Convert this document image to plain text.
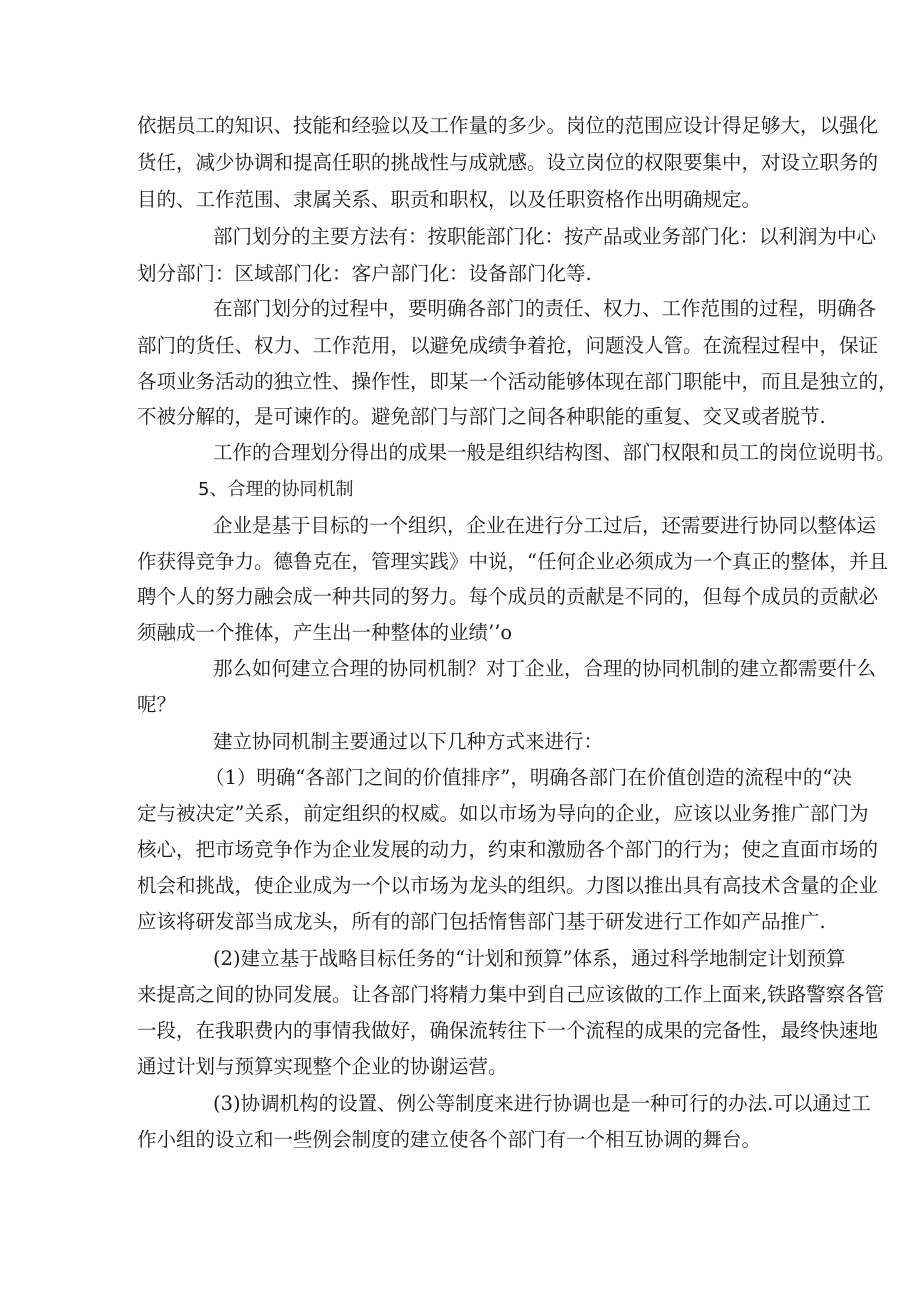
依据员工的知识、技能和经验以及工作量的多少。岗位的范围应设计得足够大，以强化
货任，减少协调和提高任职的挑战性与成就感。设立岗位的权限要集中，对设立职务的
目的、工作范围、隶属关系、职贡和职权，以及任职资格作出明确规定。
部门划分的主要方法有：按职能部门化：按产品或业务部门化：以利润为中心
划分部门：区域部门化：客户部门化：设备部门化等.
在部门划分的过程中，要明确各部门的责任、权力、工作范围的过程，明确各
部门的货任、权力、工作范用，以避免成绩争着抢，问题没人管。在流程过程中，保证
各项业务活动的独立性、操作性，即某一个活动能够体现在部门职能中，而且是独立的，
不被分解的，是可谏作的。避免部门与部门之间各种职能的重复、交叉或者脱节.
工作的合理划分得出的成果一般是组织结构图、部门权限和员工的岗位说明书。
5、合理的协同机制
企业是基于目标的一个组织，企业在进行分工过后，还需要进行协同以整体运
作获得竞争力。德鲁克在，管理实践》中说，“任何企业必须成为一个真正的整体，并且
聘个人的努力融会成一种共同的努力。每个成员的贡献是不同的，但每个成员的贡献必
须融成一个推体，产生出一种整体的业绩’’o
那么如何建立合理的协同机制？对丁企业，合理的协同机制的建立都需要什么
呢？
建立协同机制主要通过以下几种方式来进行：
（1）明确“各部门之间的价值排序”，明确各部门在价值创造的流程中的“决
定与被决定”关系，前定组织的权威。如以市场为导向的企业，应该以业务推广部门为
核心，把市场竞争作为企业发展的动力，约束和激励各个部门的行为；使之直面市场的
机会和挑战，使企业成为一个以市场为龙头的组织。力图以推出具有高技术含量的企业
应该将研发部当成龙头，所有的部门包括惰售部门基于研发进行工作如产品推广.
(2)建立基于战略目标任务的“计划和预算”体系，通过科学地制定计划预算
来提高之间的协同发展。让各部门将精力集中到自己应该做的工作上面来,铁路警察各管
一段，在我职费内的事情我做好，确保流转往下一个流程的成果的完备性，最终快速地
通过计划与预算实现整个企业的协谢运营。
(3)协调机构的设置、例公等制度来进行协调也是一种可行的办法.可以通过工
作小组的设立和一些例会制度的建立使各个部门有一个相互协调的舞台。
